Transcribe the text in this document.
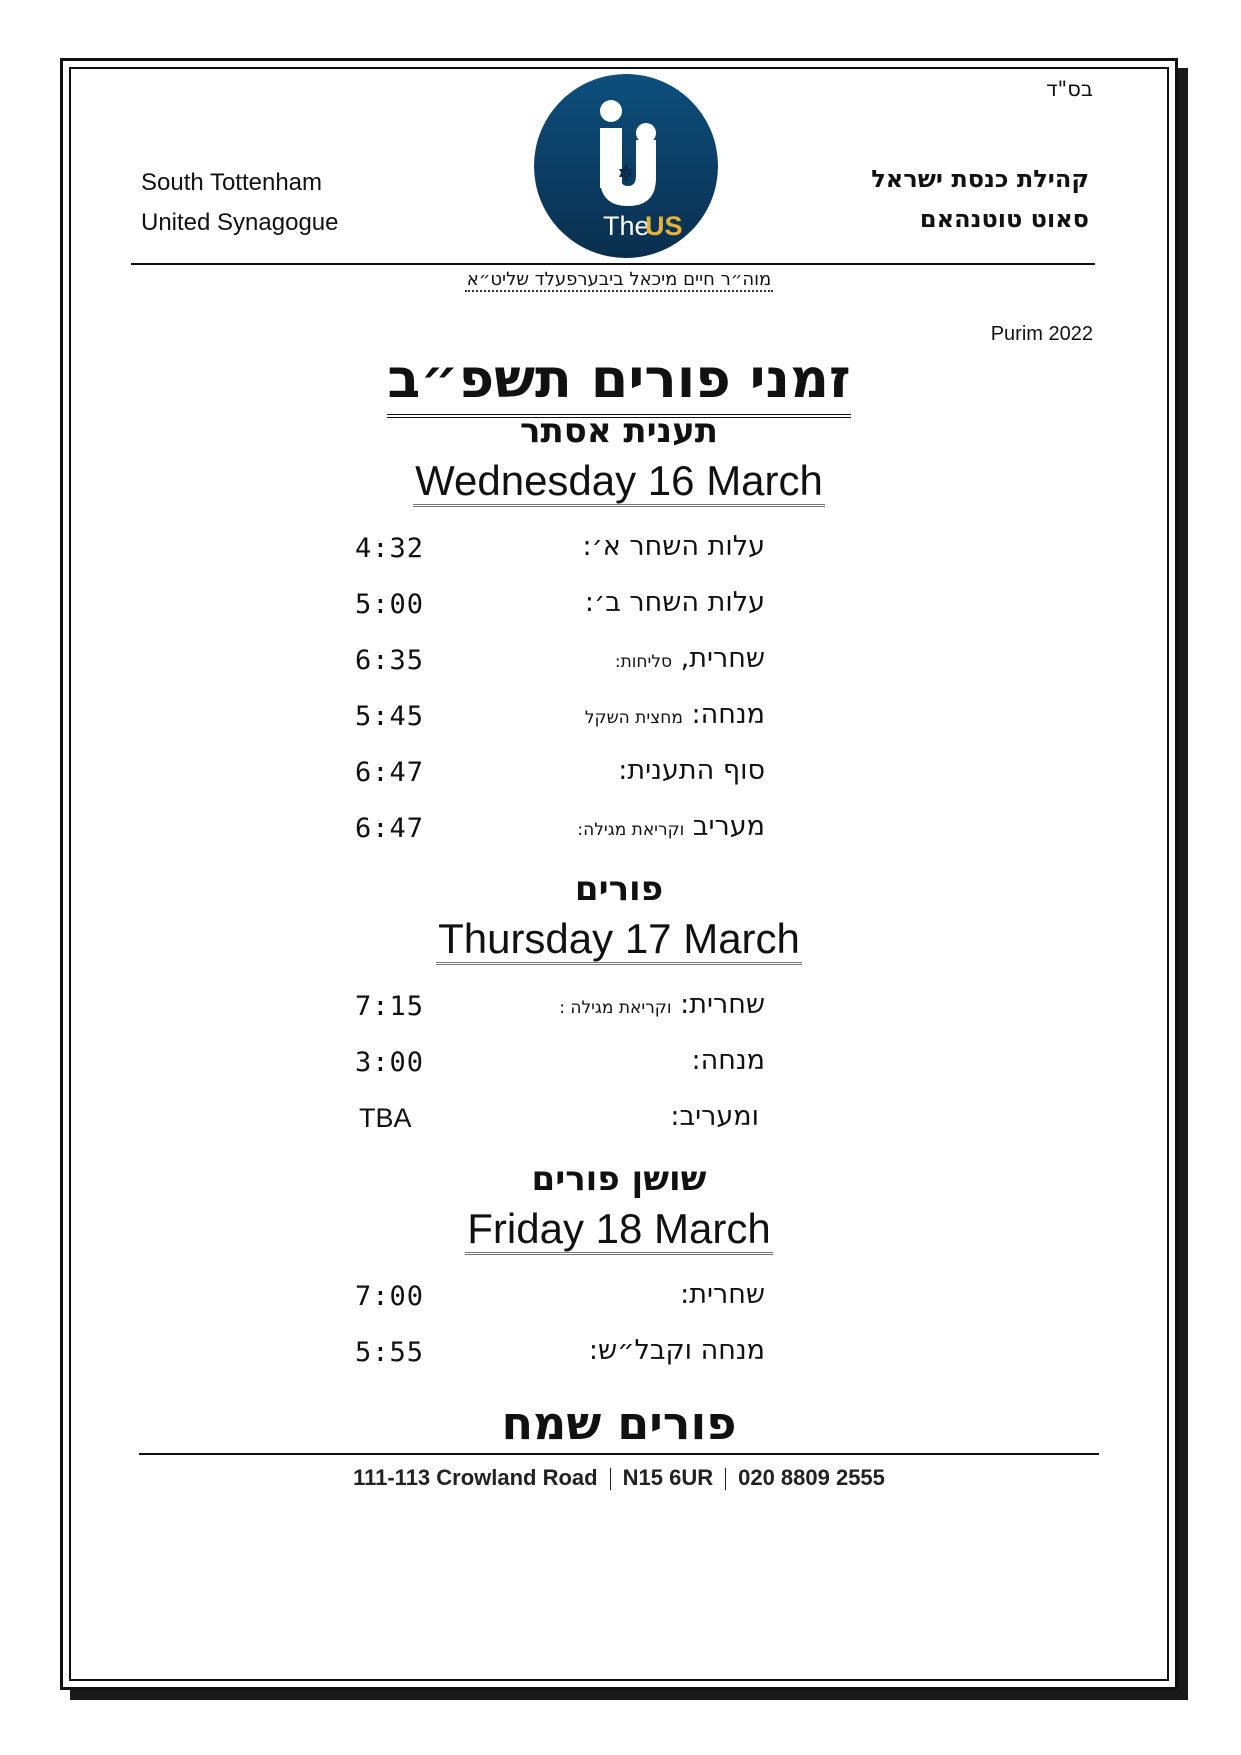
בס"ד
South Tottenham
United Synagogue
קהילת כנסת ישראל
סאוט טוטנהאם
The
US
מוה״ר חיים מיכאל ביבערפעלד שליט״א
Purim 2022
זמני פורים תשפ״ב
תענית אסתר
Wednesday 16 March
עלות השחר א׳:
4:32
עלות השחר ב׳:
5:00
שחרית, סליחות:
6:35
מנחה: מחצית השקל
5:45
סוף התענית:
6:47
מעריב וקריאת מגילה:
6:47
פורים
Thursday 17 March
שחרית: וקריאת מגילה :
7:15
מנחה:
3:00
ומעריב:
TBA
שושן פורים
Friday 18 March
שחרית:
7:00
מנחה וקבל״ש:
5:55
פורים שמח
111-113 Crowland Road N15 6UR 020 8809 2555
